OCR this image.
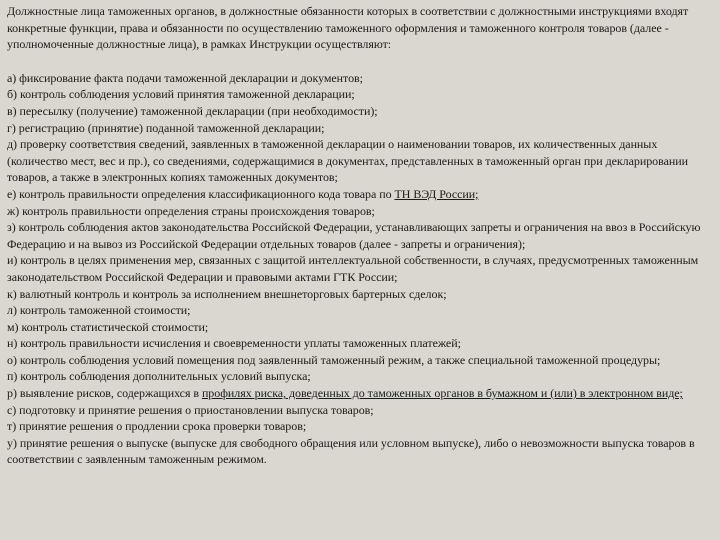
Должностные лица таможенных органов, в должностные обязанности которых в соответствии с должностными инструкциями входят конкретные функции, права и обязанности по осуществлению таможенного оформления и таможенного контроля товаров (далее - уполномоченные должностные лица), в рамках Инструкции осуществляют:

а) фиксирование факта подачи таможенной декларации и документов;

б) контроль соблюдения условий принятия таможенной декларации;

в) пересылку (получение) таможенной декларации (при необходимости);

г) регистрацию (принятие) поданной таможенной декларации;

д) проверку соответствия сведений, заявленных в таможенной декларации о наименовании товаров, их количественных данных (количество мест, вес и пр.), со сведениями, содержащимися в документах, представленных в таможенный орган при декларировании товаров, а также в электронных копиях таможенных документов;

е) контроль правильности определения классификационного кода товара по ТН ВЭД России;

ж) контроль правильности определения страны происхождения товаров;

з) контроль соблюдения актов законодательства Российской Федерации, устанавливающих запреты и ограничения на ввоз в Российскую Федерацию и на вывоз из Российской Федерации отдельных товаров (далее - запреты и ограничения);

и) контроль в целях применения мер, связанных с защитой интеллектуальной собственности, в случаях, предусмотренных таможенным законодательством Российской Федерации и правовыми актами ГТК России;

к) валютный контроль и контроль за исполнением внешнеторговых бартерных сделок;

л) контроль таможенной стоимости;

м) контроль статистической стоимости;

н) контроль правильности исчисления и своевременности уплаты таможенных платежей;

о) контроль соблюдения условий помещения под заявленный таможенный режим, а также специальной таможенной процедуры;

п) контроль соблюдения дополнительных условий выпуска;

р) выявление рисков, содержащихся в профилях риска, доведенных до таможенных органов в бумажном и (или) в электронном виде;

с) подготовку и принятие решения о приостановлении выпуска товаров;

т) принятие решения о продлении срока проверки товаров;

у) принятие решения о выпуске (выпуске для свободного обращения или условном выпуске), либо о невозможности выпуска товаров в соответствии с заявленным таможенным режимом.
